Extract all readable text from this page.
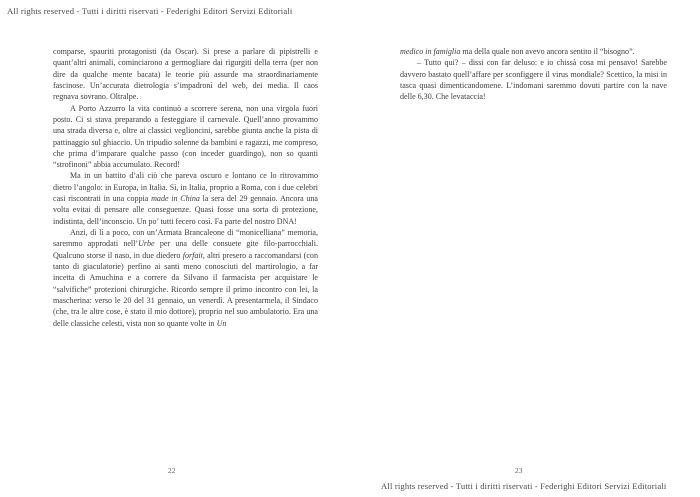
All rights reserved - Tutti i diritti riservati - Federighi Editori Servizi Editoriali

comparse, spauriti protagonisti (da Oscar). Si prese a parlare di pipistrelli e quant’altri animali, cominciarono a germogliare dai rigurgiti della terra (per non dire da qualche mente bacata) le teorie più assurde ma straordinariamente fascinose. Un’accurata dietrologia s’impadronì del web, dei media. Il caos regnava sovrano. Oltralpe.

A Porto Azzurro la vita continuò a scorrere serena, non una virgola fuori posto. Ci si stava preparando a festeggiare il carnevale. Quell’anno provammo una strada diversa e, oltre ai classici veglioncini, sarebbe giunta anche la pista di pattinaggio sul ghiaccio. Un tripudio solenne da bambini e ragazzi, me compreso, che prima d’imparare qualche passo (con inceder guardingo), non so quanti “strofinoni” abbia accumulato. Record!

Ma in un battito d’ali ciò che pareva oscuro e lontano ce lo ritrovammo dietro l’angolo: in Europa, in Italia. Sì, in Italia, proprio a Roma, con i due celebri casi riscontrati in una coppia made in China la sera del 29 gennaio. Ancora una volta evitai di pensare alle conseguenze. Quasi fosse una sorta di protezione, indistinta, dell’inconscio. Un po’ tutti fecero così. Fa parte del nostro DNA!

Anzi, di lì a poco, con un’Armata Brancaleone di “monicelliana” memoria, saremmo approdati nell’Urbe per una delle consuete gite filo-parrocchiali. Qualcuno storse il naso, in due diedero forfait, altri presero a raccomandarsi (con tanto di giaculatorie) perfino ai santi meno conosciuti del martirologio, a far incetta di Amuchina e a correre da Silvano il farmacista per acquistare le “salvifiche” protezioni chirurgiche. Ricordo sempre il primo incontro con lei, la mascherina: verso le 20 del 31 gennaio, un venerdì. A presentarmela, il Sindaco (che, tra le altre cose, è stato il mio dottore), proprio nel suo ambulatorio. Era una delle classiche celesti, vista non so quante volte in Un

medico in famiglia ma della quale non avevo ancora sentito il “bisogno”.

– Tutto qui? – dissi con far deluso: e io chissà cosa mi pensavo! Sarebbe davvero bastato quell’affare per sconfiggere il virus mondiale? Scettico, la misi in tasca quasi dimenticandomene. L’indomani saremmo dovuti partire con la nave delle 6,30. Che levataccia!

22	23
All rights reserved - Tutti i diritti riservati - Federighi Editori Servizi Editoriali
